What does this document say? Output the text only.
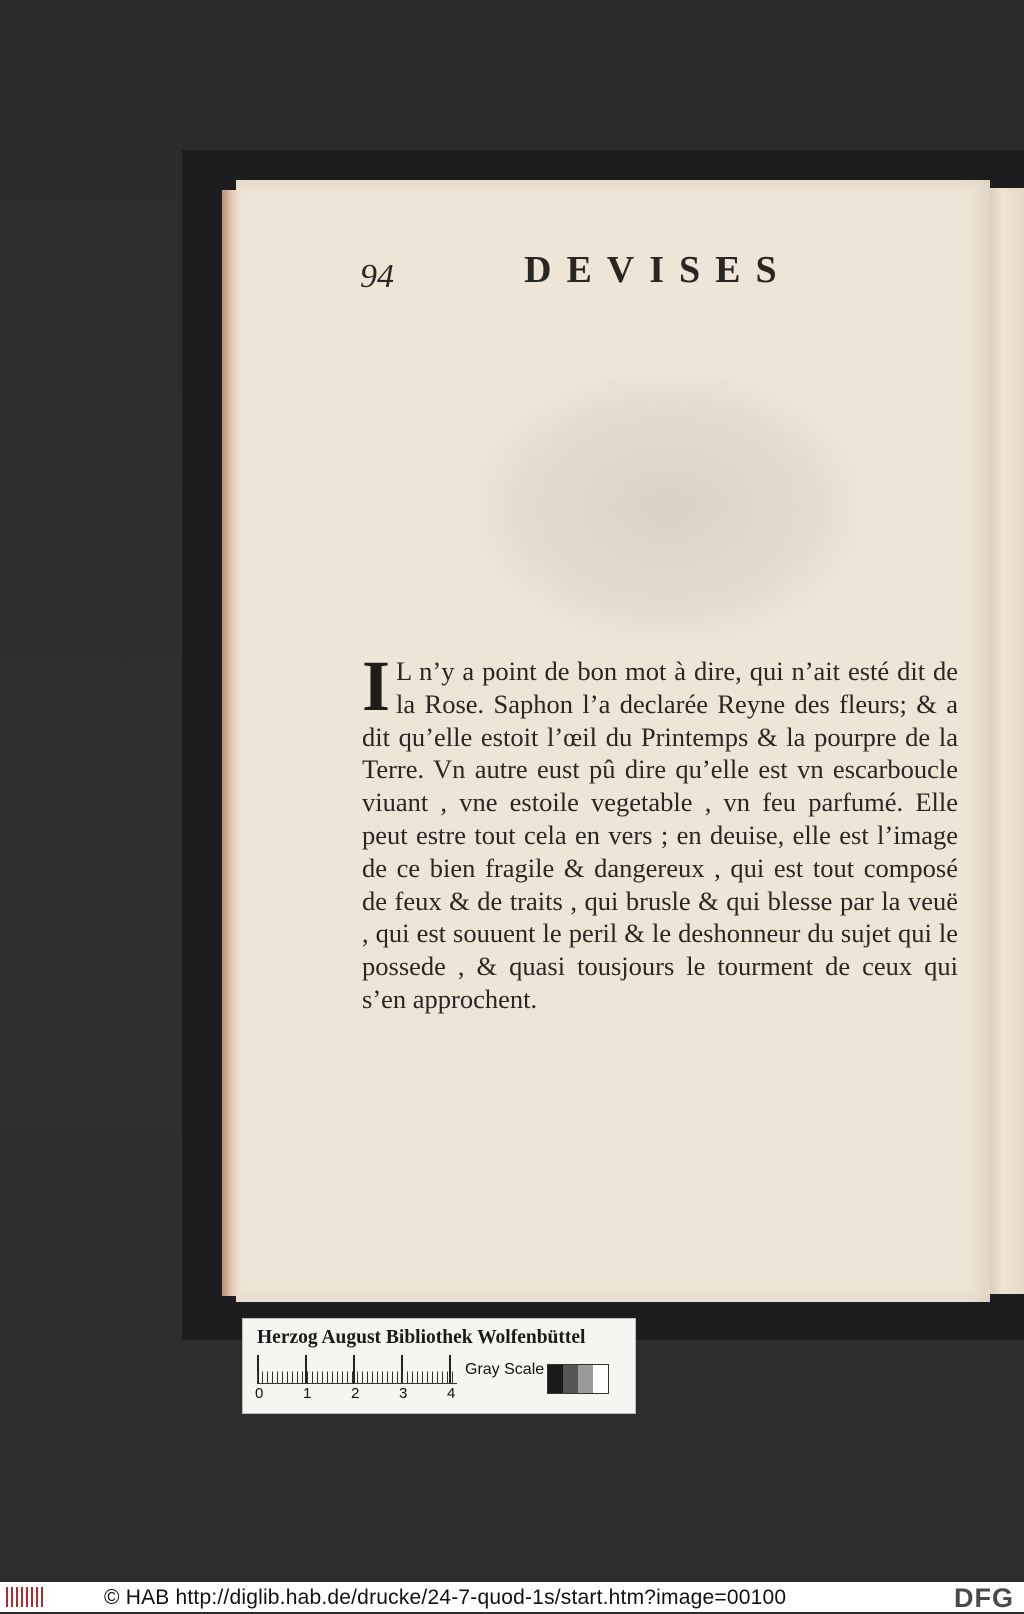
94	DEVISES
I L n’y a point de bon mot à dire, qui n’ait esté dit de la Rose. Saphon l’a declarée Reyne des fleurs; & a dit qu’elle estoit l’œil du Printemps & la pourpre de la Terre. Vn autre eust pû dire qu’elle est vn escarboucle viuant , vne estoile vegetable , vn feu parfumé. Elle peut estre tout cela en vers ; en deuise, elle est l’image de ce bien fragile & dangereux , qui est tout composé de feux & de traits , qui brusle & qui blesse par la veuë , qui est souuent le peril & le deshonneur du sujet qui le possede , & quasi tousjours le tourment de ceux qui s’en approchent.
Herzog August Bibliothek Wolfenbüttel
0	1	2	3	4
Gray Scale
© HAB http://diglib.hab.de/drucke/24-7-quod-1s/start.htm?image=00100	DFG
